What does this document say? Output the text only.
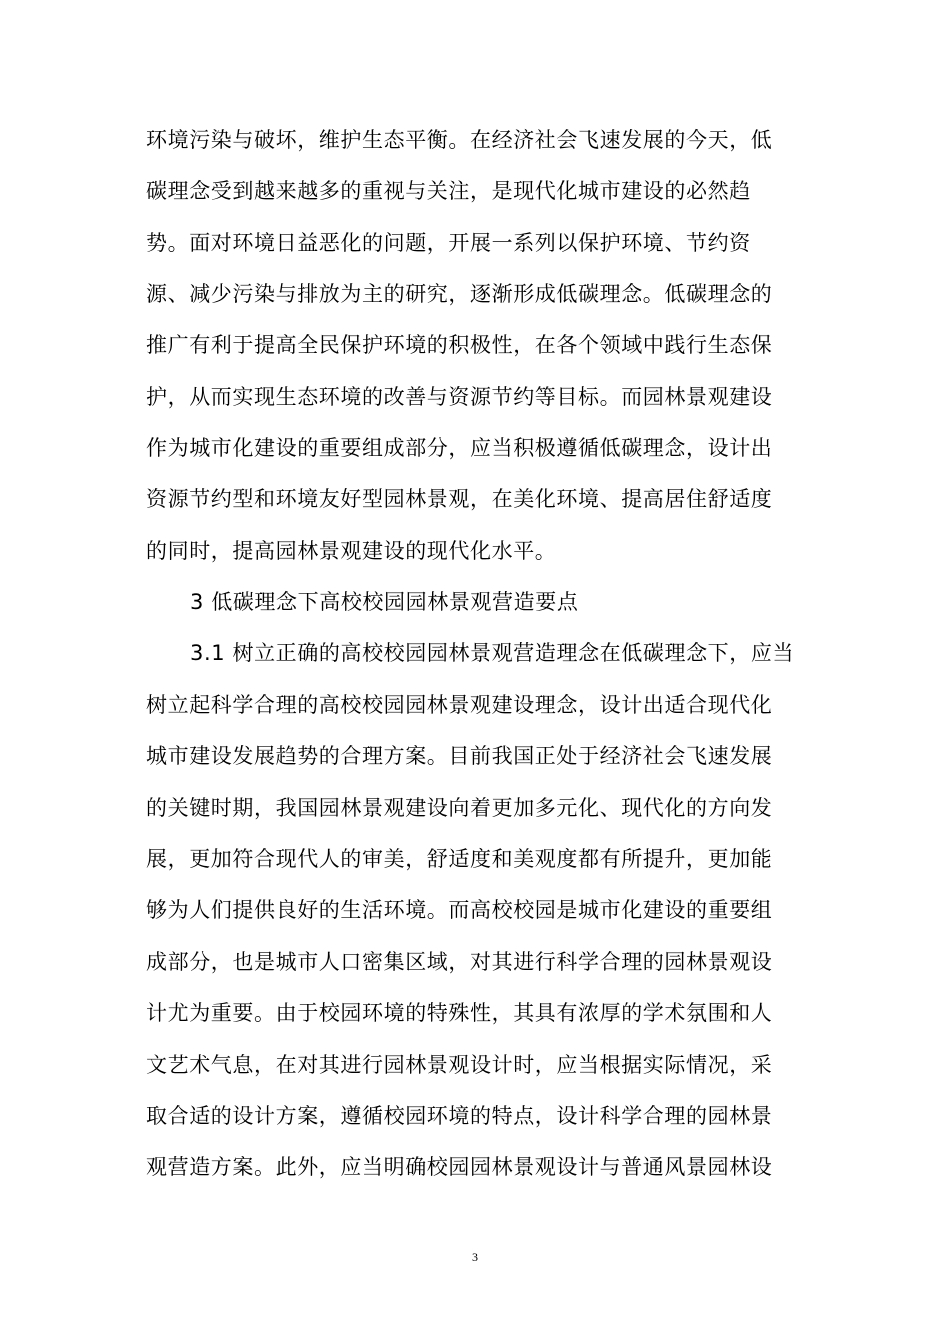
环境污染与破坏，维护生态平衡。在经济社会飞速发展的今天，低
碳理念受到越来越多的重视与关注，是现代化城市建设的必然趋
势。面对环境日益恶化的问题，开展一系列以保护环境、节约资
源、减少污染与排放为主的研究，逐渐形成低碳理念。低碳理念的
推广有利于提高全民保护环境的积极性，在各个领域中践行生态保
护，从而实现生态环境的改善与资源节约等目标。而园林景观建设
作为城市化建设的重要组成部分，应当积极遵循低碳理念，设计出
资源节约型和环境友好型园林景观，在美化环境、提高居住舒适度
的同时，提高园林景观建设的现代化水平。
3 低碳理念下高校校园园林景观营造要点
3.1 树立正确的高校校园园林景观营造理念在低碳理念下，应当
树立起科学合理的高校校园园林景观建设理念，设计出适合现代化
城市建设发展趋势的合理方案。目前我国正处于经济社会飞速发展
的关键时期，我国园林景观建设向着更加多元化、现代化的方向发
展，更加符合现代人的审美，舒适度和美观度都有所提升，更加能
够为人们提供良好的生活环境。而高校校园是城市化建设的重要组
成部分，也是城市人口密集区域，对其进行科学合理的园林景观设
计尤为重要。由于校园环境的特殊性，其具有浓厚的学术氛围和人
文艺术气息，在对其进行园林景观设计时，应当根据实际情况，采
取合适的设计方案，遵循校园环境的特点，设计科学合理的园林景
观营造方案。此外，应当明确校园园林景观设计与普通风景园林设
3
